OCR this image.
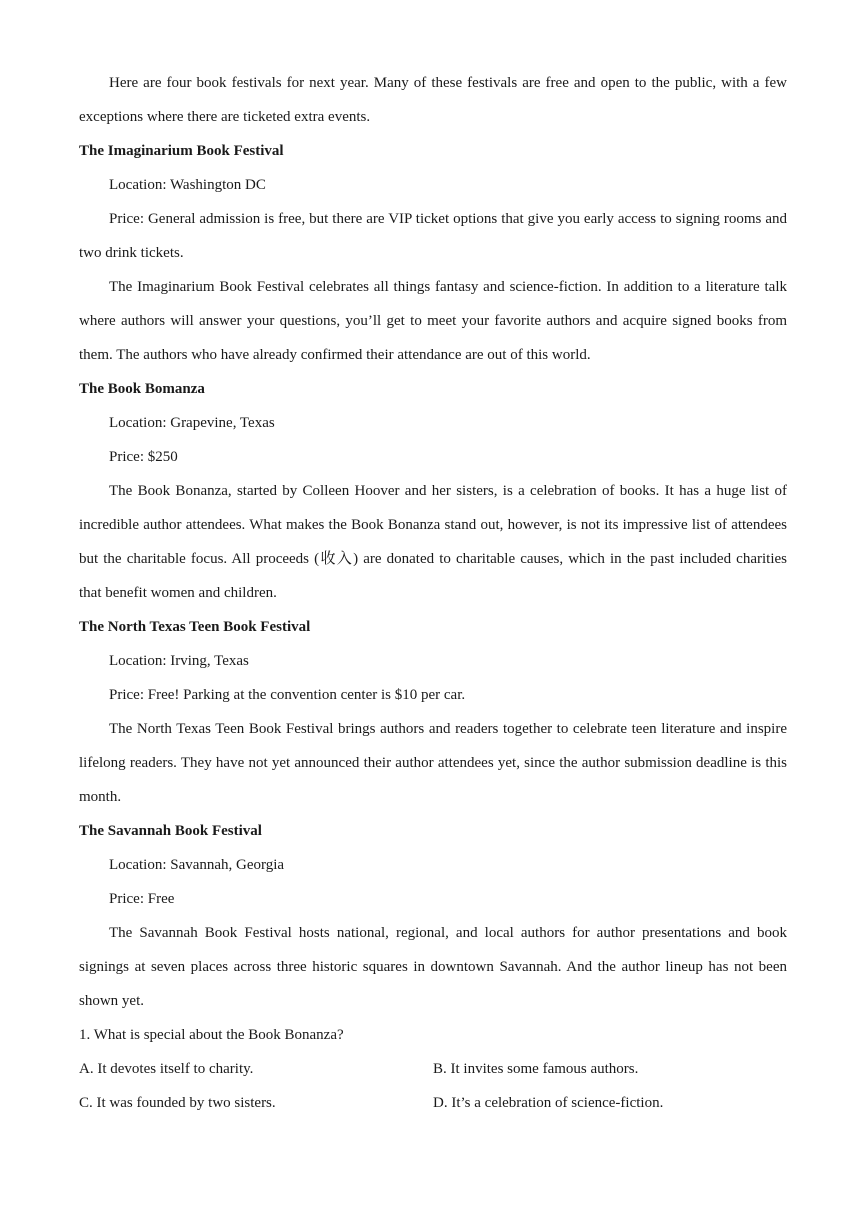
Here are four book festivals for next year. Many of these festivals are free and open to the public, with a few
exceptions where there are ticketed extra events.
The Imaginarium Book Festival
Location: Washington DC
Price: General admission is free, but there are VIP ticket options that give you early access to signing rooms and
two drink tickets.
The Imaginarium Book Festival celebrates all things fantasy and science-fiction. In addition to a literature talk
where authors will answer your questions, you’ll get to meet your favorite authors and acquire signed books from
them. The authors who have already confirmed their attendance are out of this world.
The Book Bomanza
Location: Grapevine, Texas
Price: $250
The Book Bonanza, started by Colleen Hoover and her sisters, is a celebration of books. It has a huge list of
incredible author attendees. What makes the Book Bonanza stand out, however, is not its impressive list of attendees
but the charitable focus. All proceeds (收入) are donated to charitable causes, which in the past included charities
that benefit women and children.
The North Texas Teen Book Festival
Location: Irving, Texas
Price: Free! Parking at the convention center is $10 per car.
The North Texas Teen Book Festival brings authors and readers together to celebrate teen literature and inspire
lifelong readers. They have not yet announced their author attendees yet, since the author submission deadline is this
month.
The Savannah Book Festival
Location: Savannah, Georgia
Price: Free
The Savannah Book Festival hosts national, regional, and local authors for author presentations and book
signings at seven places across three historic squares in downtown Savannah. And the author lineup has not been
shown yet.
1. What is special about the Book Bonanza?
A. It devotes itself to charity.	B. It invites some famous authors.
C. It was founded by two sisters.	D. It’s a celebration of science-fiction.
